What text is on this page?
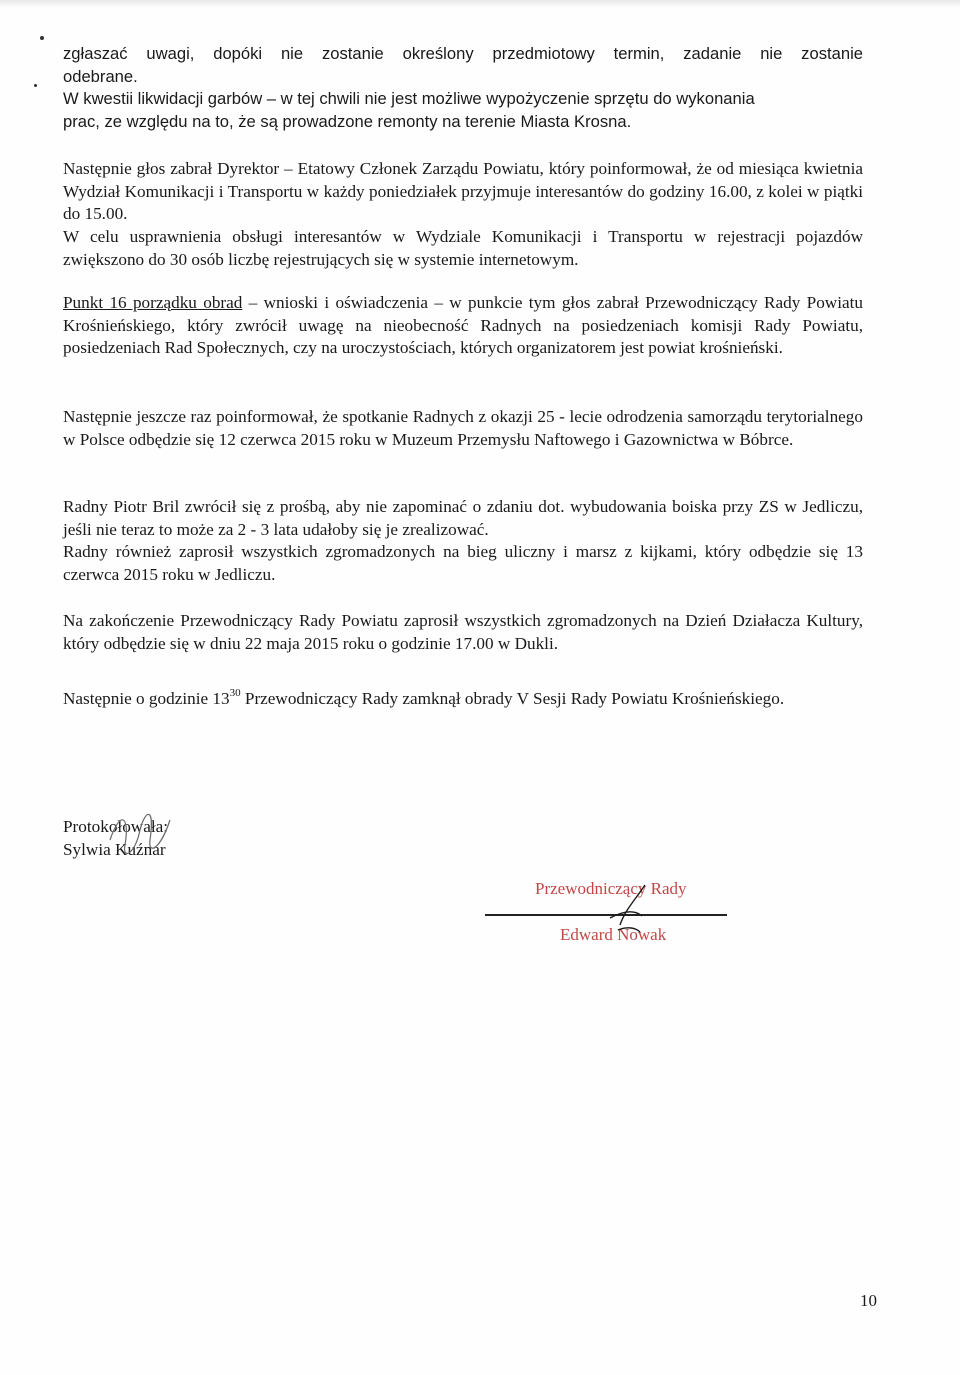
zgłaszać uwagi, dopóki nie zostanie określony przedmiotowy termin, zadanie nie zostanie
odebrane.
W kwestii likwidacji garbów – w tej chwili nie jest możliwe wypożyczenie sprzętu do wykonania
prac, ze względu na to, że są prowadzone remonty na terenie Miasta Krosna.

Następnie głos zabrał Dyrektor – Etatowy Członek Zarządu Powiatu, który poinformował, że od miesiąca kwietnia Wydział Komunikacji i Transportu w każdy poniedziałek przyjmuje interesantów do godziny 16.00, z kolei w piątki do 15.00.

W celu usprawnienia obsługi interesantów w Wydziale Komunikacji i Transportu w rejestracji pojazdów zwiększono do 30 osób liczbę rejestrujących się w systemie internetowym.

Punkt 16 porządku obrad – wnioski i oświadczenia – w punkcie tym głos zabrał Przewodniczący Rady Powiatu Krośnieńskiego, który zwrócił uwagę na nieobecność Radnych na posiedzeniach komisji Rady Powiatu, posiedzeniach Rad Społecznych, czy na uroczystościach, których organizatorem jest powiat krośnieński.

Następnie jeszcze raz poinformował, że spotkanie Radnych z okazji 25 - lecie odrodzenia samorządu terytorialnego w Polsce odbędzie się 12 czerwca 2015 roku w Muzeum Przemysłu Naftowego i Gazownictwa w Bóbrce.

Radny Piotr Bril zwrócił się z prośbą, aby nie zapominać o zdaniu dot. wybudowania boiska przy ZS w Jedliczu, jeśli nie teraz to może za 2 - 3 lata udałoby się je zrealizować.

Radny również zaprosił wszystkich zgromadzonych na bieg uliczny i marsz z kijkami, który odbędzie się 13 czerwca 2015 roku w Jedliczu.

Na zakończenie Przewodniczący Rady Powiatu zaprosił wszystkich zgromadzonych na Dzień Działacza Kultury, który odbędzie się w dniu 22 maja 2015 roku o godzinie 17.00 w Dukli.

Następnie o godzinie $13^{30}$ Przewodniczący Rady zamknął obrady V Sesji Rady Powiatu Krośnieńskiego.

Protokołowała:
Sylwia Kuźnar
Przewodniczący Rady
Edward Nowak
10
